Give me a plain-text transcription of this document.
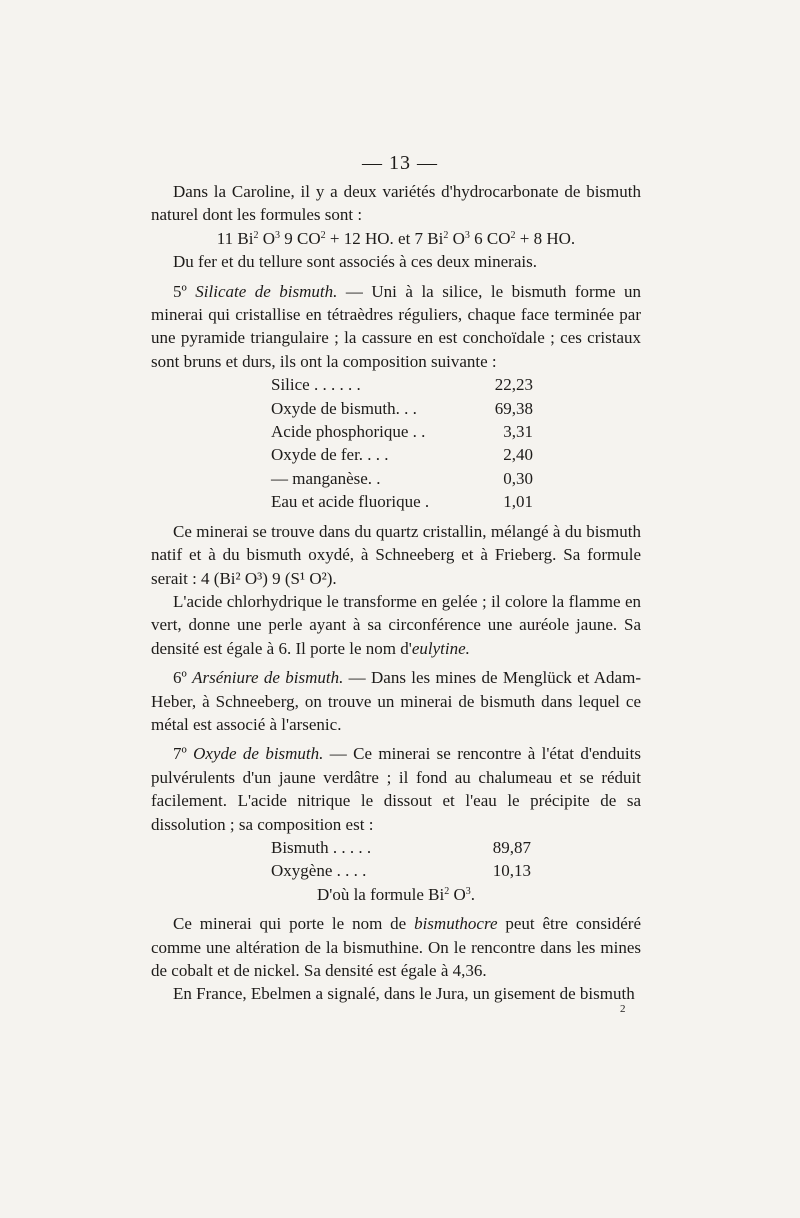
— 13 —

Dans la Caroline, il y a deux variétés d'hydrocarbonate de bismuth naturel dont les formules sont :

11 Bi$^2$ $O^3$ 9 $CO^2 + 12$ HO. et 7 Bi$^2$ $O^3$ 6 $CO^2 + 8$ HO.

Du fer et du tellure sont associés à ces deux minerais.

5º Silicate de bismuth. — Uni à la silice, le bismuth forme un minerai qui cristallise en tétraèdres réguliers, chaque face terminée par une pyramide triangulaire ; la cassure en est conchoïdale ; ces cristaux sont bruns et durs, ils ont la composition suivante :

Silice . . . . . .	22,23
Oxyde de bismuth. . .	69,38
Acide phosphorique . .	3,31
Oxyde de fer. . . .	2,40
— manganèse. .	0,30
Eau et acide fluorique .	1,01

Ce minerai se trouve dans du quartz cristallin, mélangé à du bismuth natif et à du bismuth oxydé, à Schneeberg et à Frieberg. Sa formule serait : 4 (Bi² O³) 9 (S¹ O²).

L'acide chlorhydrique le transforme en gelée ; il colore la flamme en vert, donne une perle ayant à sa circonférence une auréole jaune. Sa densité est égale à 6. Il porte le nom d'eulytine.

6º Arséniure de bismuth. — Dans les mines de Menglück et Adam-Heber, à Schneeberg, on trouve un minerai de bismuth dans lequel ce métal est associé à l'arsenic.

7º Oxyde de bismuth. — Ce minerai se rencontre à l'état d'enduits pulvérulents d'un jaune verdâtre ; il fond au chalumeau et se réduit facilement. L'acide nitrique le dissout et l'eau le précipite de sa dissolution ; sa composition est :

Bismuth . . . . .	89,87
Oxygène . . . .	10,13

D'où la formule Bi$^2$ $O^3$.

Ce minerai qui porte le nom de bismuthocre peut être considéré comme une altération de la bismuthine. On le rencontre dans les mines de cobalt et de nickel. Sa densité est égale à 4,36.

En France, Ebelmen a signalé, dans le Jura, un gisement de bismuth

2
